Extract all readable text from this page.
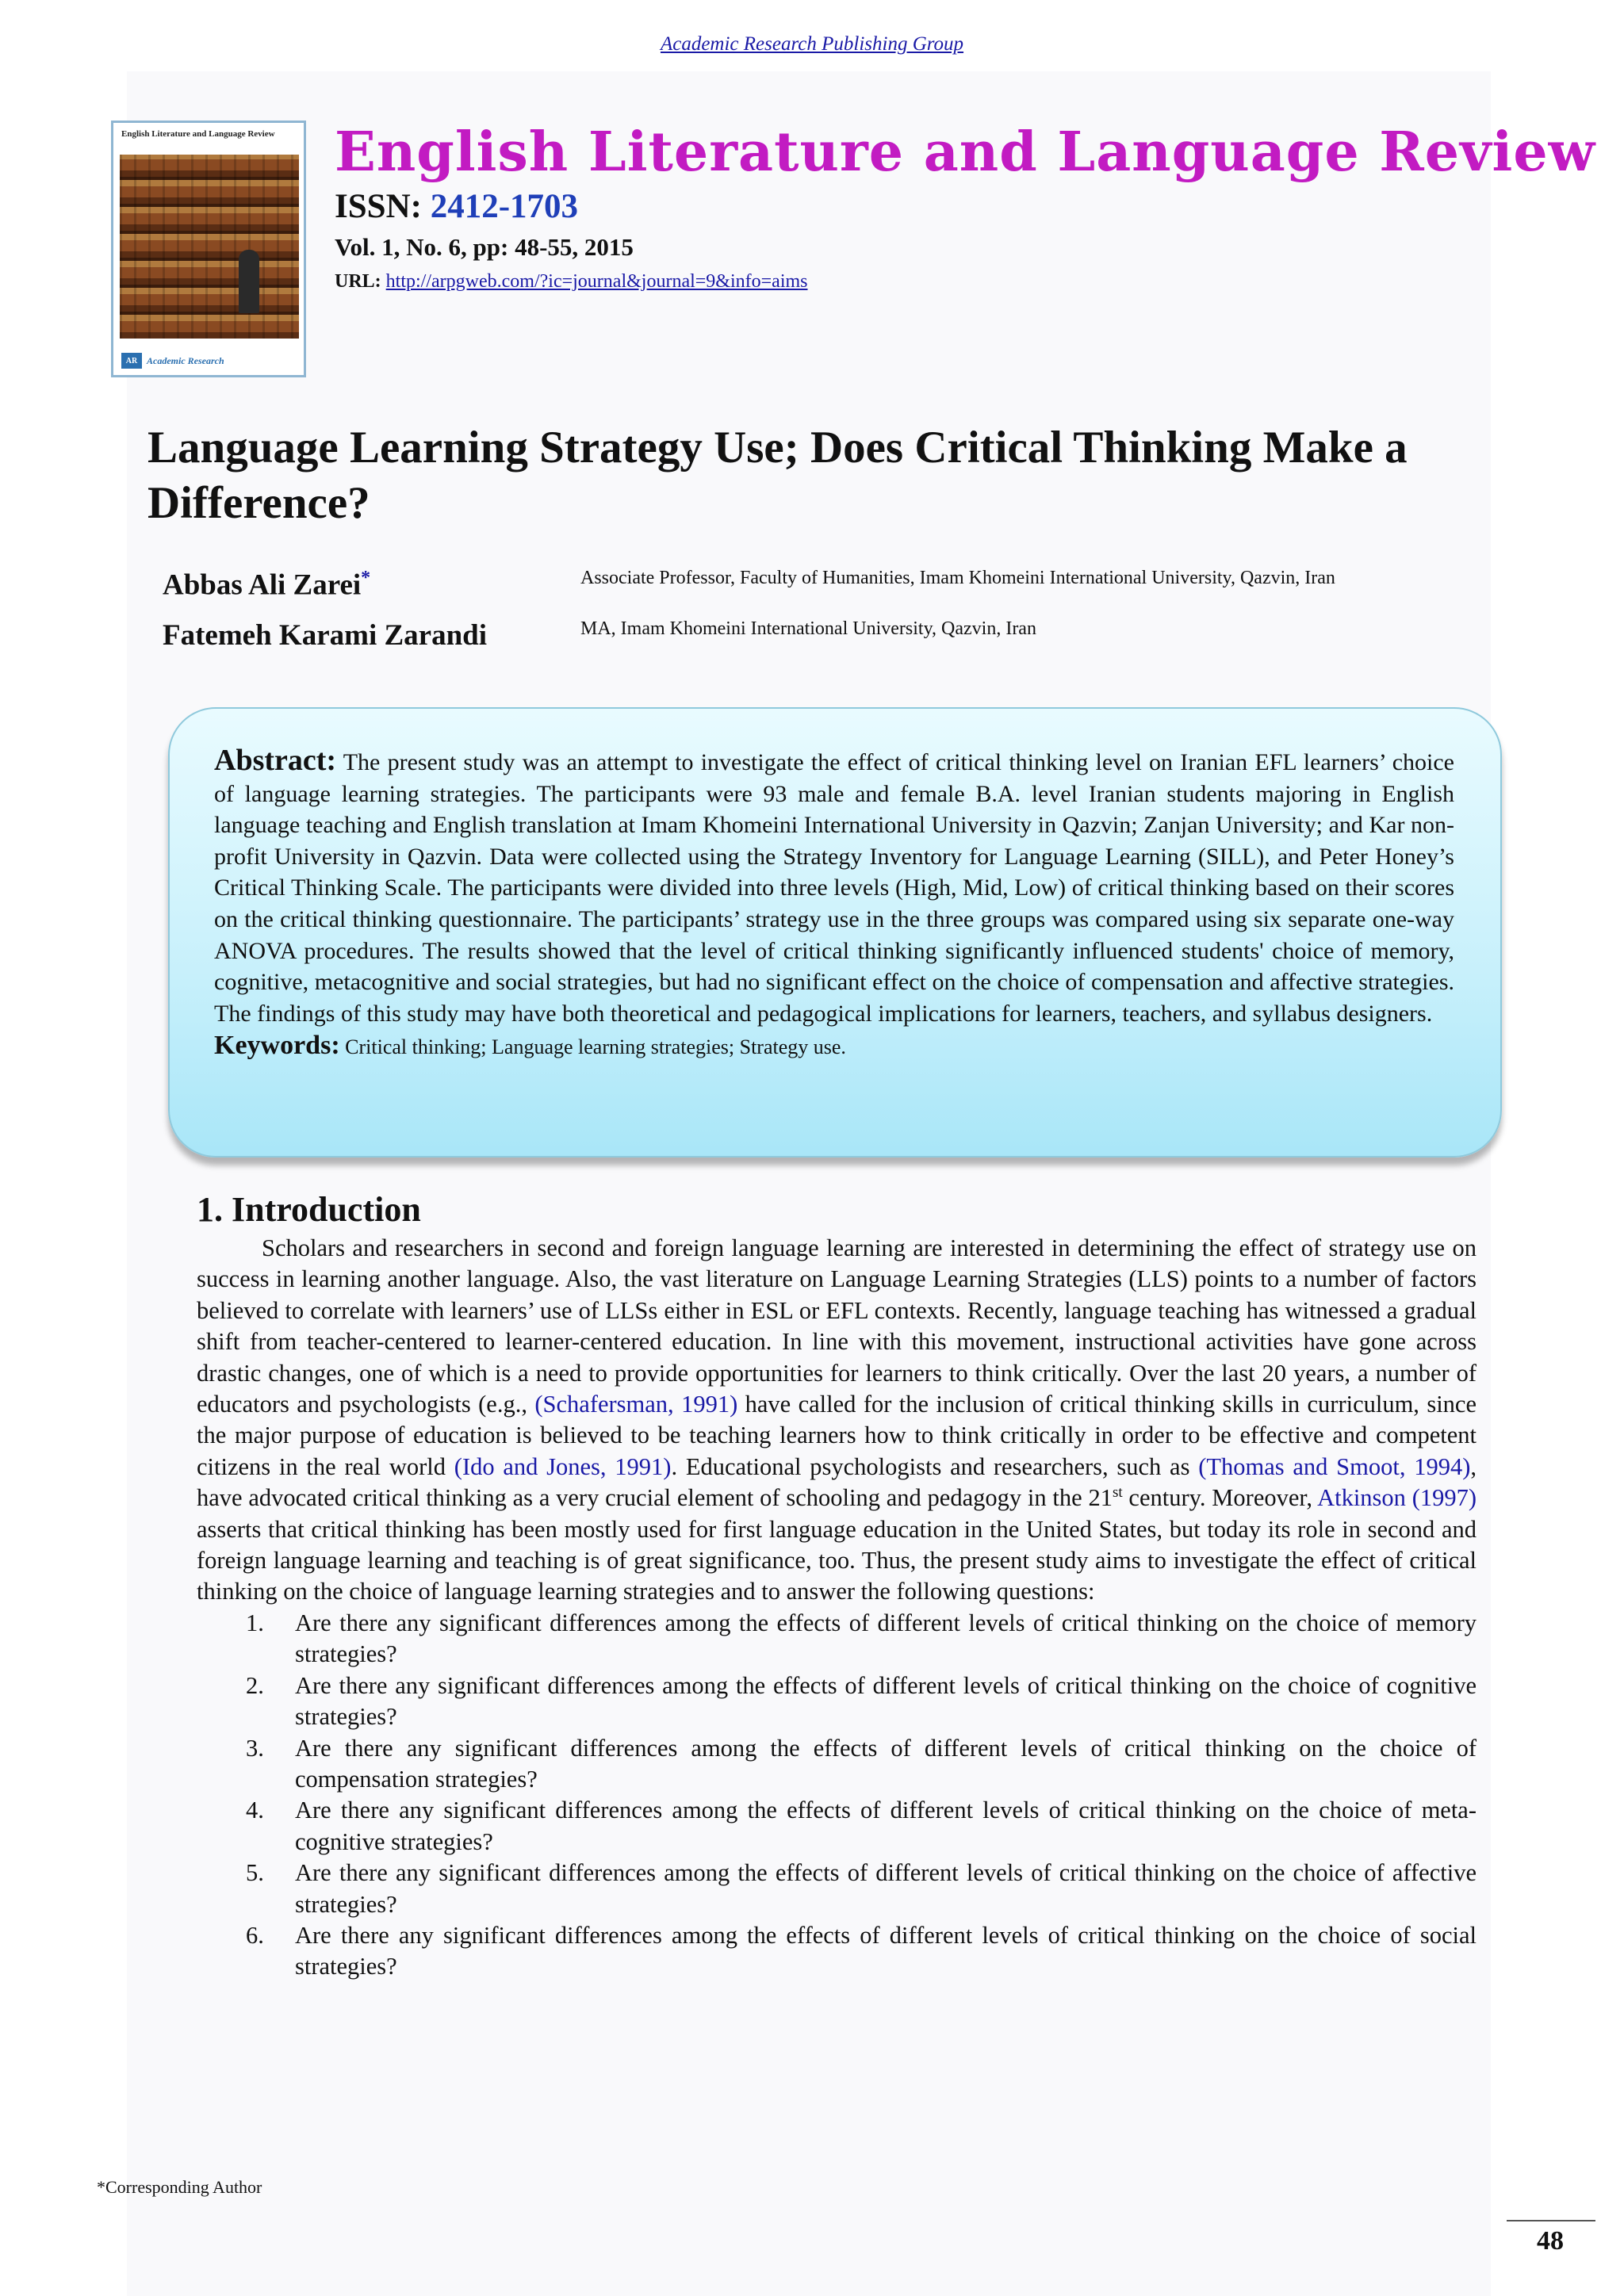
Academic Research Publishing Group
English Literature and Language Review
AR Academic Research
English Literature and Language Review
ISSN: 2412-1703
Vol. 1, No. 6, pp: 48-55, 2015
URL: http://arpgweb.com/?ic=journal&journal=9&info=aims
Language Learning Strategy Use; Does Critical Thinking Make a Difference?
Abbas Ali Zarei*	Associate Professor, Faculty of Humanities, Imam Khomeini International University, Qazvin, Iran
Fatemeh Karami Zarandi	MA, Imam Khomeini International University, Qazvin, Iran
Abstract: The present study was an attempt to investigate the effect of critical thinking level on Iranian EFL learners’ choice of language learning strategies. The participants were 93 male and female B.A. level Iranian students majoring in English language teaching and English translation at Imam Khomeini International University in Qazvin; Zanjan University; and Kar non-profit University in Qazvin. Data were collected using the Strategy Inventory for Language Learning (SILL), and Peter Honey’s Critical Thinking Scale. The participants were divided into three levels (High, Mid, Low) of critical thinking based on their scores on the critical thinking questionnaire. The participants’ strategy use in the three groups was compared using six separate one-way ANOVA procedures. The results showed that the level of critical thinking significantly influenced students' choice of memory, cognitive, metacognitive and social strategies, but had no significant effect on the choice of compensation and affective strategies. The findings of this study may have both theoretical and pedagogical implications for learners, teachers, and syllabus designers.
Keywords: Critical thinking; Language learning strategies; Strategy use.
1. Introduction

Scholars and researchers in second and foreign language learning are interested in determining the effect of strategy use on success in learning another language. Also, the vast literature on Language Learning Strategies (LLS) points to a number of factors believed to correlate with learners’ use of LLSs either in ESL or EFL contexts. Recently, language teaching has witnessed a gradual shift from teacher-centered to learner-centered education. In line with this movement, instructional activities have gone across drastic changes, one of which is a need to provide opportunities for learners to think critically. Over the last 20 years, a number of educators and psychologists (e.g., (Schafersman, 1991) have called for the inclusion of critical thinking skills in curriculum, since the major purpose of education is believed to be teaching learners how to think critically in order to be effective and competent citizens in the real world (Ido and Jones, 1991). Educational psychologists and researchers, such as (Thomas and Smoot, 1994), have advocated critical thinking as a very crucial element of schooling and pedagogy in the 21st century. Moreover, Atkinson (1997) asserts that critical thinking has been mostly used for first language education in the United States, but today its role in second and foreign language learning and teaching is of great significance, too. Thus, the present study aims to investigate the effect of critical thinking on the choice of language learning strategies and to answer the following questions:

1. Are there any significant differences among the effects of different levels of critical thinking on the choice of memory strategies?
2. Are there any significant differences among the effects of different levels of critical thinking on the choice of cognitive strategies?
3. Are there any significant differences among the effects of different levels of critical thinking on the choice of compensation strategies?
4. Are there any significant differences among the effects of different levels of critical thinking on the choice of meta-cognitive strategies?
5. Are there any significant differences among the effects of different levels of critical thinking on the choice of affective strategies?
6. Are there any significant differences among the effects of different levels of critical thinking on the choice of social strategies?
*Corresponding Author
48
